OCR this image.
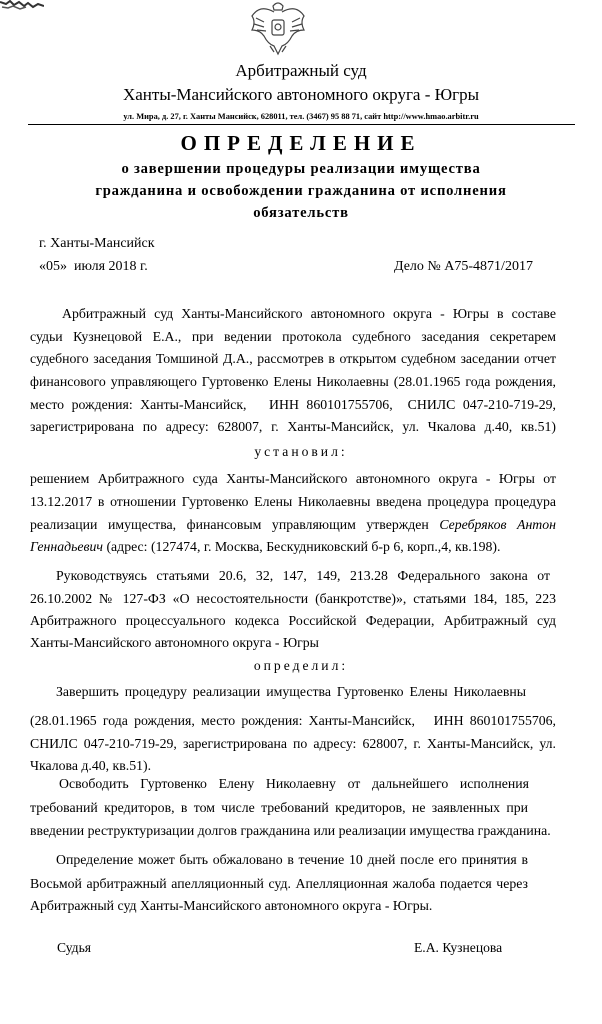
Арбитражный суд
Ханты-Мансийского автономного округа - Югры
ул. Мира, д. 27, г. Ханты Мансийск, 628011, тел. (3467) 95 88 71, сайт http://www.hmao.arbitr.ru
ОПРЕДЕЛЕНИЕ
о завершении процедуры реализации имущества
гражданина и освобождении гражданина от исполнения
обязательств
г. Ханты-Мансийск
«05»  июля 2018 г.	Дело № А75-4871/2017
Арбитражный суд Ханты-Мансийского автономного округа - Югры в составе
судьи Кузнецовой Е.А., при ведении протокола судебного заседания секретарем
судебного заседания Томшиной Д.А., рассмотрев в открытом судебном заседании отчет
финансового управляющего Гуртовенко Елены Николаевны (28.01.1965 года рождения,
место рождения: Ханты-Мансийск,   ИНН 860101755706,  СНИЛС 047-210-719-29,
зарегистрирована по адресу: 628007, г. Ханты-Мансийск, ул. Чкалова д.40, кв.51)
установил:
решением Арбитражного суда Ханты-Мансийского автономного округа - Югры от
13.12.2017 в отношении Гуртовенко Елены Николаевны введена процедура процедура
реализации имущества, финансовым управляющим утвержден Серебряков Антон
Геннадьевич (адрес: (127474, г. Москва, Бескудниковский б-р 6, корп.,4, кв.198).
Руководствуясь статьями 20.6, 32, 147, 149, 213.28 Федерального закона от
26.10.2002 № 127-ФЗ «О несостоятельности (банкротстве)», статьями 184, 185, 223
Арбитражного процессуального кодекса Российской Федерации, Арбитражный суд
Ханты-Мансийского автономного округа - Югры
определил:
Завершить процедуру реализации имущества Гуртовенко Елены Николаевны
(28.01.1965 года рождения, место рождения: Ханты-Мансийск,   ИНН 860101755706,
СНИЛС 047-210-719-29, зарегистрирована по адресу: 628007, г. Ханты-Мансийск, ул.
Чкалова д.40, кв.51).
Освободить  Гуртовенко  Елену  Николаевну  от  дальнейшего  исполнения
требований кредиторов, в том числе требований кредиторов, не заявленных при
введении реструктуризации долгов гражданина или реализации имущества гражданина.
Определение может быть обжаловано в течение 10 дней после его принятия в
Восьмой арбитражный апелляционный суд. Апелляционная жалоба подается через
Арбитражный суд Ханты-Мансийского автономного округа - Югры.
Судья	Е.А. Кузнецова
